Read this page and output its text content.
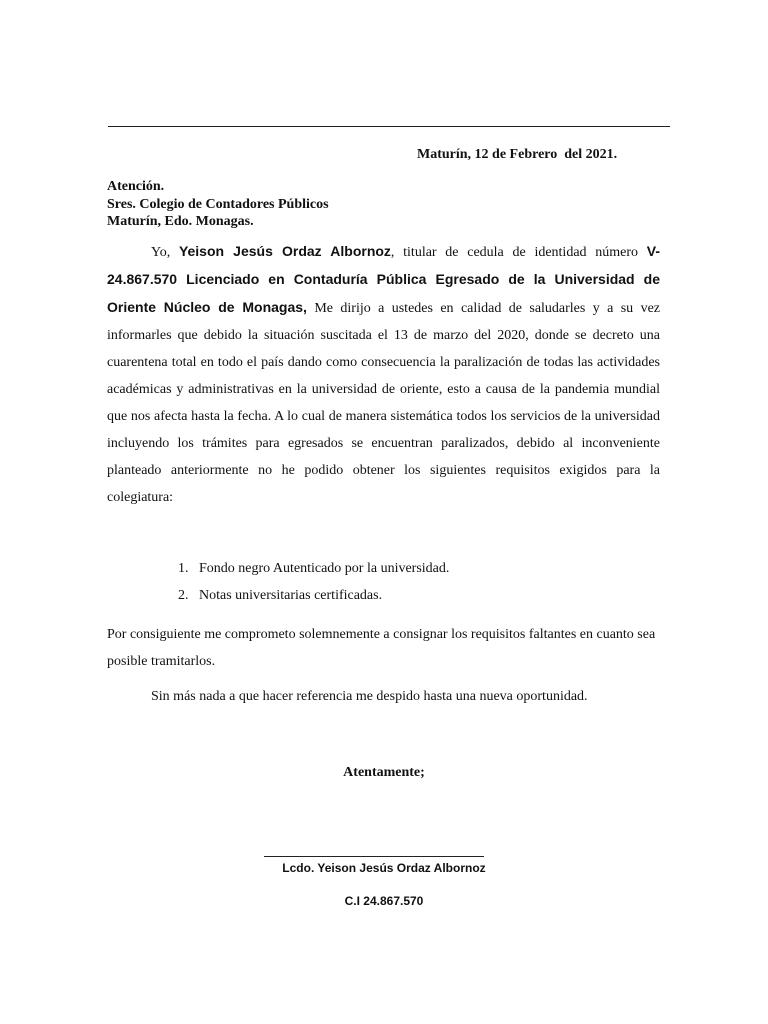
Maturín, 12 de Febrero  del 2021.
Atención.
Sres. Colegio de Contadores Públicos
Maturín, Edo. Monagas.

Yo, Yeison Jesús Ordaz Albornoz, titular de cedula de identidad número V-24.867.570 Licenciado en Contaduría Pública Egresado de la Universidad de Oriente Núcleo de Monagas, Me dirijo a ustedes en calidad de saludarles y a su vez informarles que debido la situación suscitada el 13 de marzo del 2020, donde se decreto una cuarentena total en todo el país dando como consecuencia la paralización de todas las actividades académicas y administrativas en la universidad de oriente, esto a causa de la pandemia mundial que nos afecta hasta la fecha. A lo cual de manera sistemática todos los servicios de la universidad incluyendo los trámites para egresados se encuentran paralizados, debido al inconveniente planteado anteriormente no he podido obtener los siguientes requisitos exigidos para la colegiatura:

1. Fondo negro Autenticado por la universidad.
2. Notas universitarias certificadas.
Por consiguiente me comprometo solemnemente a consignar los requisitos faltantes en cuanto sea posible tramitarlos.
Sin más nada a que hacer referencia me despido hasta una nueva oportunidad.
Atentamente;
Lcdo. Yeison Jesús Ordaz Albornoz
C.I 24.867.570
